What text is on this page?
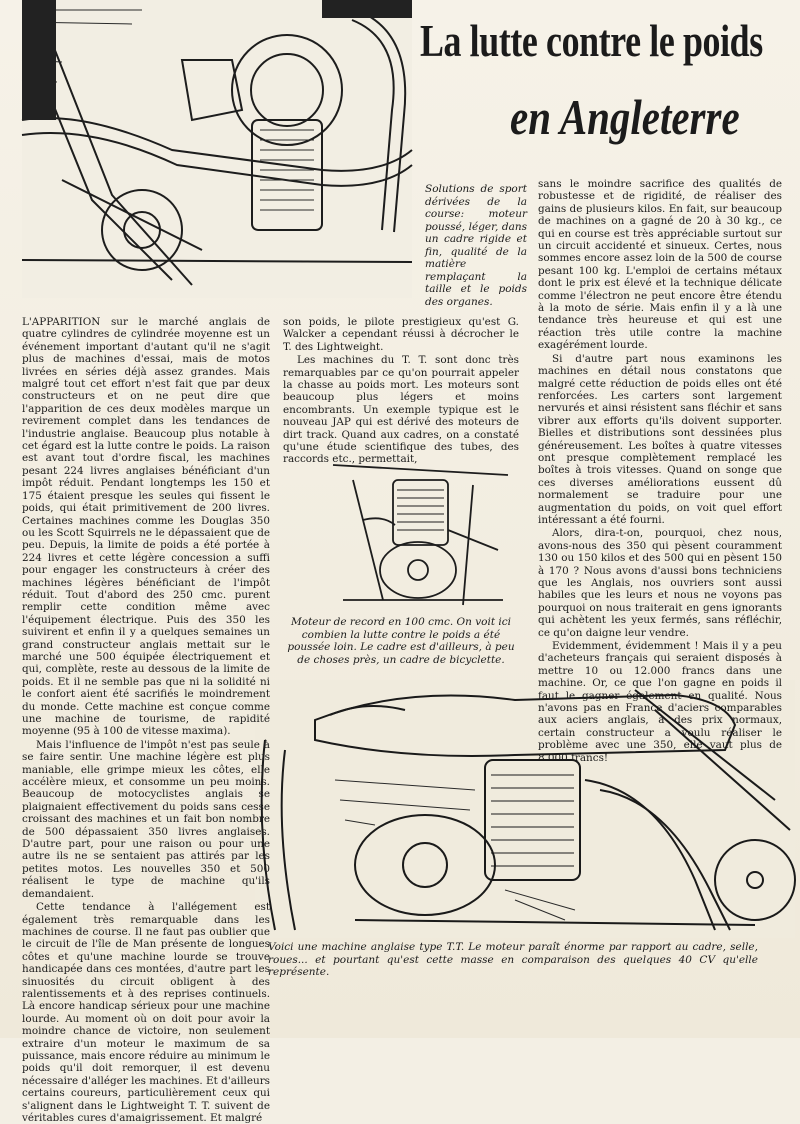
La lutte contre le poids
en Angleterre
Solutions de sport dérivées de la course: moteur poussé, léger, dans un cadre rigide et fin, qualité de la matière remplaçant la taille et le poids des organes.
Moteur de record en 100 cmc. On voit ici combien la lutte contre le poids a été poussée loin. Le cadre est d'ailleurs, à peu de choses près, un cadre de bicyclette.
Voici une machine anglaise type T.T. Le moteur paraît énorme par rapport au cadre, selle, roues... et pourtant qu'est cette masse en comparaison des quelques 40 CV qu'elle représente.

L'APPARITION sur le marché anglais de quatre cylindres de cylindrée moyenne est un événement important d'autant qu'il ne s'agit plus de machines d'essai, mais de motos livrées en séries déjà assez grandes. Mais malgré tout cet effort n'est fait que par deux constructeurs et on ne peut dire que l'apparition de ces deux modèles marque un revirement complet dans les tendances de l'industrie anglaise. Beaucoup plus notable à cet égard est la lutte contre le poids. La raison est avant tout d'ordre fiscal, les machines pesant 224 livres anglaises bénéficiant d'un impôt réduit. Pendant longtemps les 150 et 175 étaient presque les seules qui fissent le poids, qui était primitivement de 200 livres. Certaines machines comme les Douglas 350 ou les Scott Squirrels ne le dépassaient que de peu. Depuis, la limite de poids a été portée à 224 livres et cette légère concession a suffi pour engager les constructeurs à créer des machines légères bénéficiant de l'impôt réduit. Tout d'abord des 250 cmc. purent remplir cette condition même avec l'équipement électrique. Puis des 350 les suivirent et enfin il y a quelques semaines un grand constructeur anglais mettait sur le marché une 500 équipée électriquement et qui, complète, reste au dessous de la limite de poids. Et il ne semble pas que ni la solidité ni le confort aient été sacrifiés le moindrement du monde. Cette machine est conçue comme une machine de tourisme, de rapidité moyenne (95 à 100 de vitesse maxima).

Mais l'influence de l'impôt n'est pas seule à se faire sentir. Une machine légère est plus maniable, elle grimpe mieux les côtes, elle accélère mieux, et consomme un peu moins. Beaucoup de motocyclistes anglais se plaignaient effectivement du poids sans cesse croissant des machines et un fait bon nombre de 500 dépassaient 350 livres anglaises. D'autre part, pour une raison ou pour une autre ils ne se sentaient pas attirés par les petites motos. Les nouvelles 350 et 500 réalisent le type de machine qu'ils demandaient.

Cette tendance à l'allégement est également très remarquable dans les machines de course. Il ne faut pas oublier que le circuit de l'île de Man présente de longues côtes et qu'une machine lourde se trouve handicapée dans ces montées, d'autre part les sinuosités du circuit obligent à des ralentissements et à des reprises continuels. Là encore handicap sérieux pour une machine lourde. Au moment où on doit pour avoir la moindre chance de victoire, non seulement extraire d'un moteur le maximum de sa puissance, mais encore réduire au minimum le poids qu'il doit remorquer, il est devenu nécessaire d'alléger les machines. Et d'ailleurs certains coureurs, particulièrement ceux qui s'alignent dans le Lightweight T. T. suivent de véritables cures d'amaigrissement. Et malgré

son poids, le pilote prestigieux qu'est G. Walcker a cependant réussi à décrocher le T. des Lightweight.

Les machines du T. T. sont donc très remarquables par ce qu'on pourrait appeler la chasse au poids mort. Les moteurs sont beaucoup plus légers et moins encombrants. Un exemple typique est le nouveau JAP qui est dérivé des moteurs de dirt track. Quand aux cadres, on a constaté qu'une étude scientifique des tubes, des raccords etc., permettait,

sans le moindre sacrifice des qualités de robustesse et de rigidité, de réaliser des gains de plusieurs kilos. En fait, sur beaucoup de machines on a gagné de 20 à 30 kg., ce qui en course est très appréciable surtout sur un circuit accidenté et sinueux. Certes, nous sommes encore assez loin de la 500 de course pesant 100 kg. L'emploi de certains métaux dont le prix est élevé et la technique délicate comme l'électron ne peut encore être étendu à la moto de série. Mais enfin il y a là une tendance très heureuse et qui est une réaction très utile contre la machine exagérément lourde.

Si d'autre part nous examinons les machines en détail nous constatons que malgré cette réduction de poids elles ont été renforcées. Les carters sont largement nervurés et ainsi résistent sans fléchir et sans vibrer aux efforts qu'ils doivent supporter. Bielles et distributions sont dessinées plus généreusement. Les boîtes à quatre vitesses ont presque complètement remplacé les boîtes à trois vitesses. Quand on songe que ces diverses améliorations eussent dû normalement se traduire pour une augmentation du poids, on voit quel effort intéressant a été fourni.

Alors, dira-t-on, pourquoi, chez nous, avons-nous des 350 qui pèsent couramment 130 ou 150 kilos et des 500 qui en pèsent 150 à 170 ? Nous avons d'aussi bons techniciens que les Anglais, nos ouvriers sont aussi habiles que les leurs et nous ne voyons pas pourquoi on nous traiterait en gens ignorants qui achètent les yeux fermés, sans réfléchir, ce qu'on daigne leur vendre.

Evidemment, évidemment ! Mais il y a peu d'acheteurs français qui seraient disposés à mettre 10 ou 12.000 francs dans une machine. Or, ce que l'on gagne en poids il faut le gagner également en qualité. Nous n'avons pas en France d'aciers comparables aux aciers anglais, à des prix normaux, certain constructeur a voulu réaliser le problème avec une 350, elle vaut plus de 8.000 francs!
